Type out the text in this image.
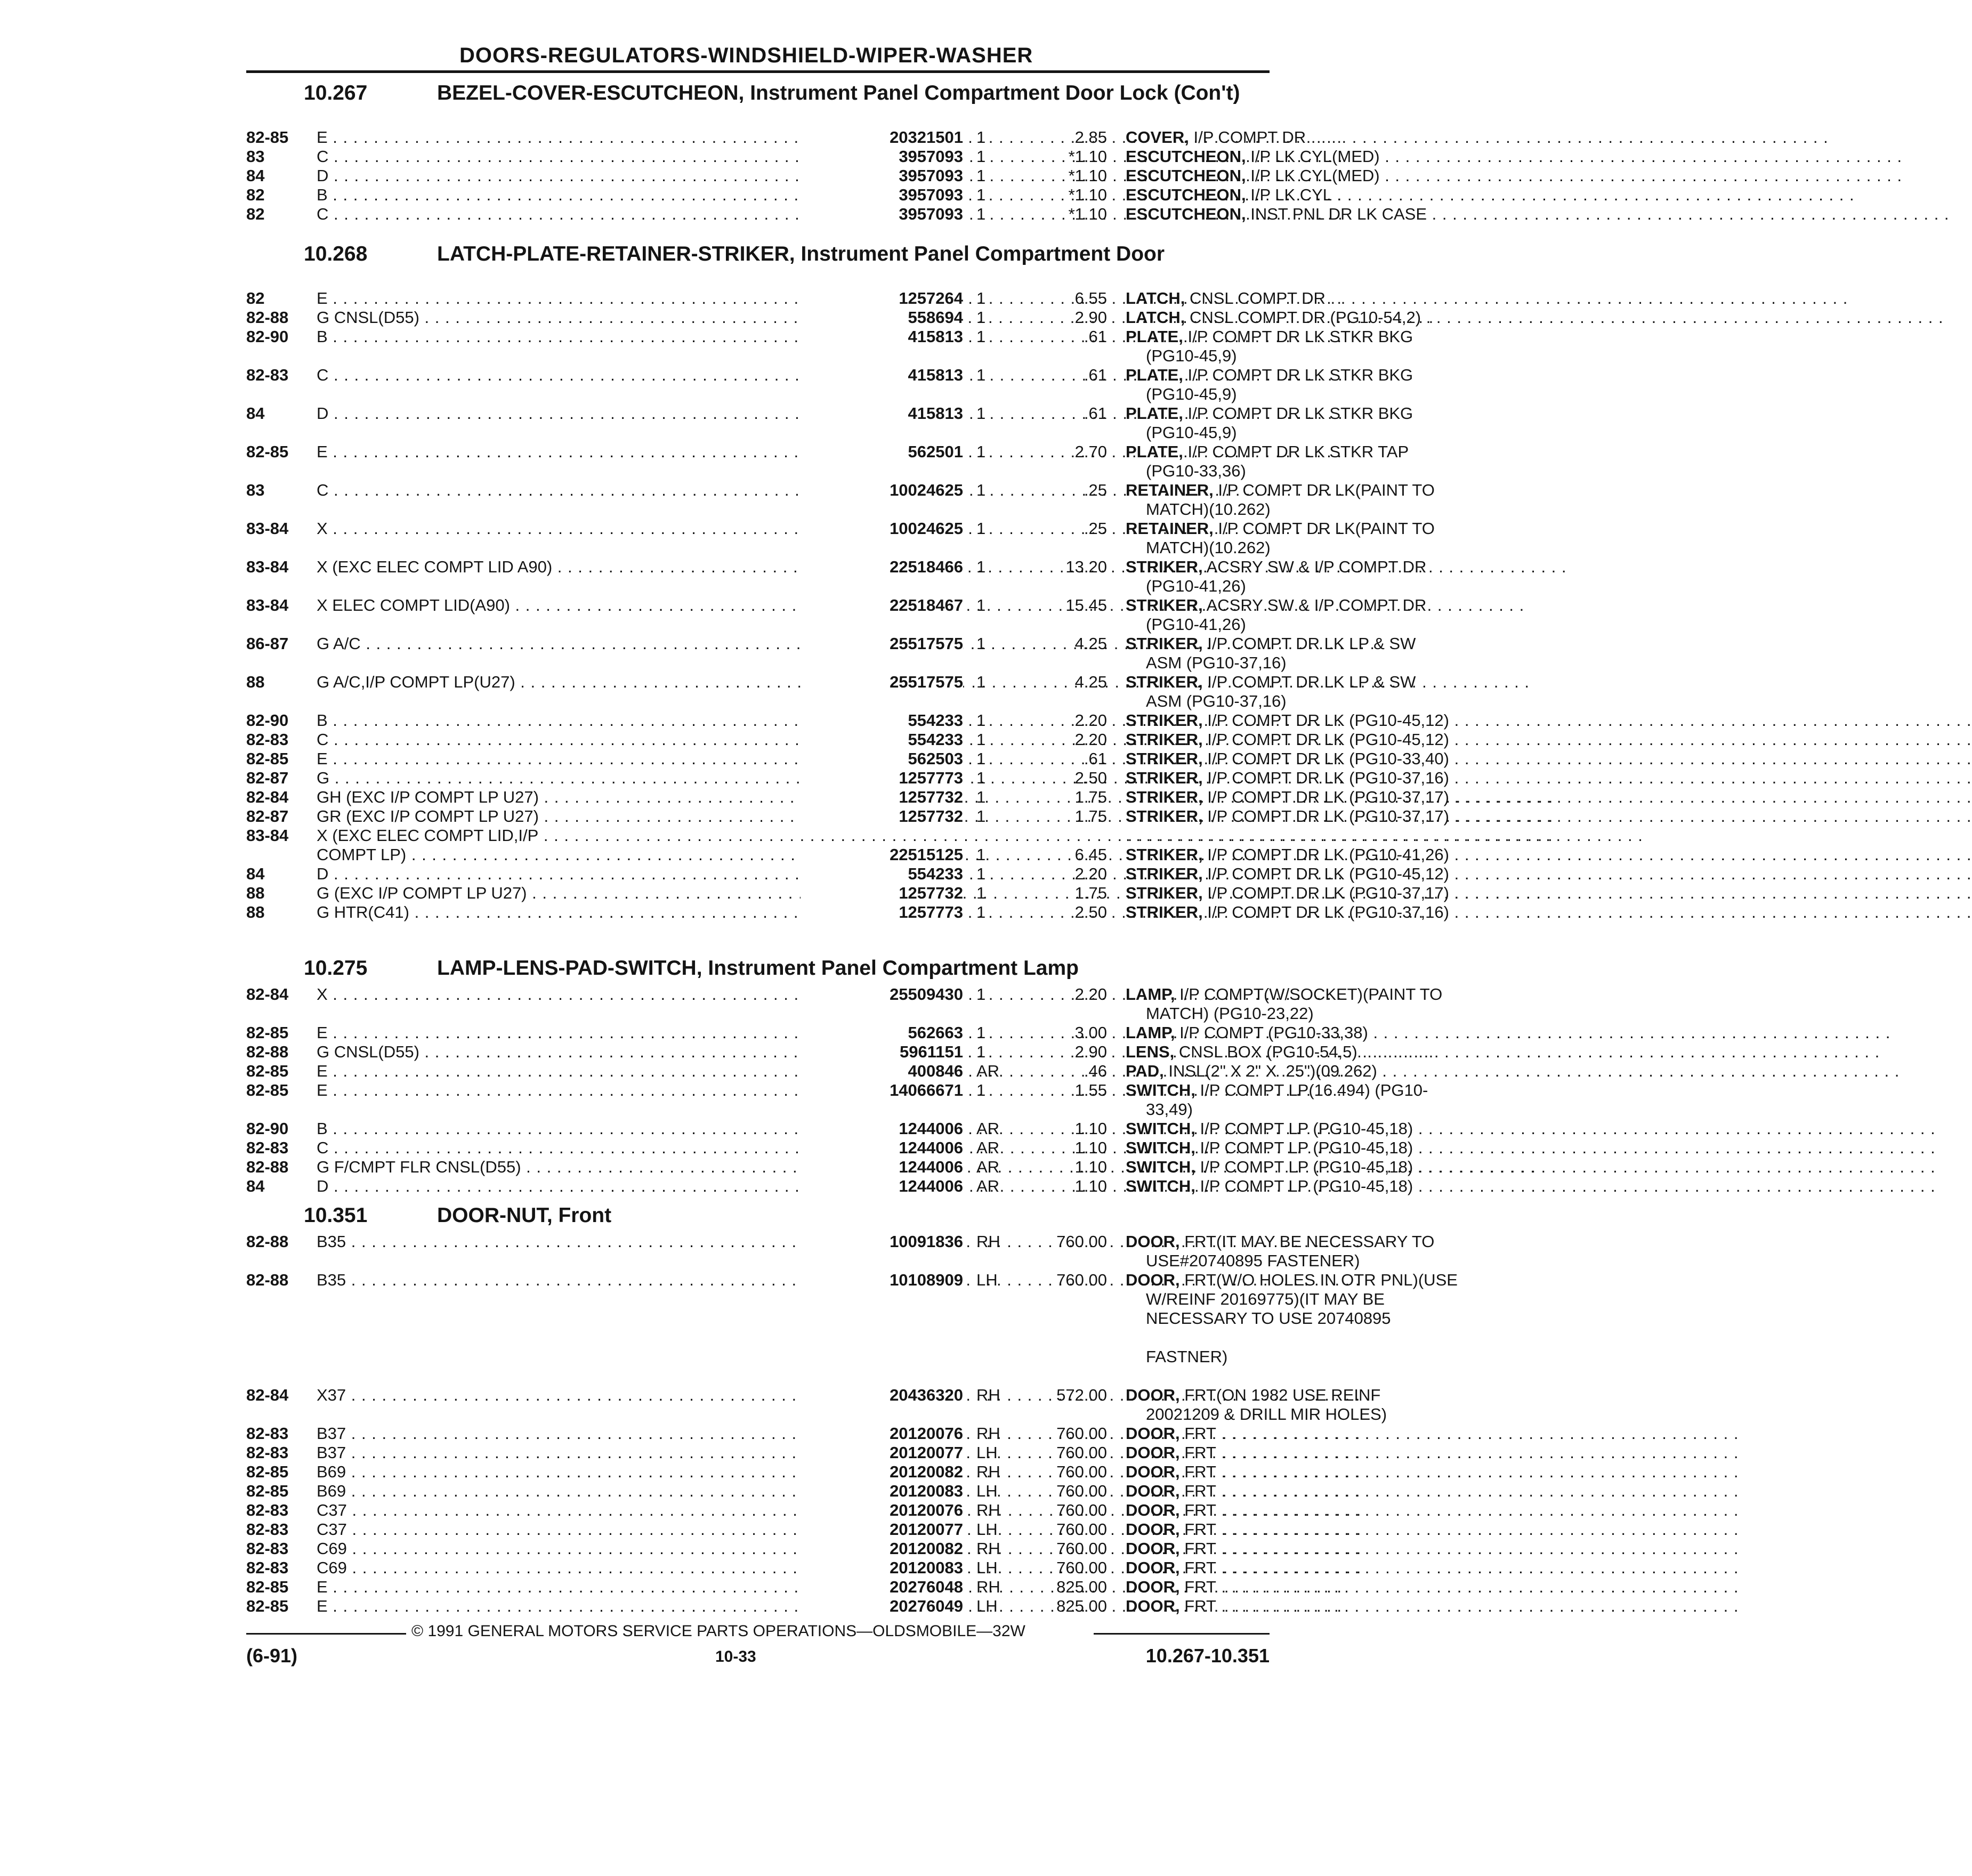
DOORS-REGULATORS-WINDSHIELD-WIPER-WASHER
10.267	BEZEL-COVER-ESCUTCHEON, Instrument Panel Compartment Door Lock (Con't)
82-85	E . . .	20321501 1	2.85 COVER, I/P COMPT DR . . .
83	C . . .	3957093 1	*1.10 ESCUTCHEON, I/P LK CYL(MED) . . .
84	D . . .	3957093 1	*1.10 ESCUTCHEON, I/P LK CYL(MED) . . .
82	B . . .	3957093 1	*1.10 ESCUTCHEON, I/P LK CYL . . .
82	C . . .	3957093 1	*1.10 ESCUTCHEON, INST PNL DR LK CASE . . .
10.268	LATCH-PLATE-RETAINER-STRIKER, Instrument Panel Compartment Door
82	E . . .	1257264 1	6.55 LATCH, CNSL COMPT DR . . .
82-88	G CNSL(D55) . . .	558694 1	2.90 LATCH, CNSL COMPT DR (PG10-54,2) . . .
82-90	B . . .	415813 1	.61 PLATE, I/P COMPT DR LK STKR BKG
(PG10-45,9)
82-83	C . . .	415813 1	.61 PLATE, I/P COMPT DR LK STKR BKG
(PG10-45,9)
84	D . . .	415813 1	.61 PLATE, I/P COMPT DR LK STKR BKG
(PG10-45,9)
82-85	E . . .	562501 1	2.70 PLATE, I/P COMPT DR LK STKR TAP
(PG10-33,36)
83	C . . .	10024625 1	.25 RETAINER, I/P COMPT DR LK(PAINT TO
MATCH)(10.262)
83-84	X . . .	10024625 1	.25 RETAINER, I/P COMPT DR LK(PAINT TO
MATCH)(10.262)
83-84	X (EXC ELEC COMPT LID A90) . . .	22518466 1	13.20 STRIKER, ACSRY SW & I/P COMPT DR
(PG10-41,26)
83-84	X ELEC COMPT LID(A90) . . .	22518467 1	15.45 STRIKER, ACSRY SW & I/P COMPT DR
(PG10-41,26)
86-87	G A/C . . .	25517575 1	4.25 STRIKER, I/P COMPT DR LK LP & SW
ASM (PG10-37,16)
88	G A/C,I/P COMPT LP(U27) . . .	25517575 1	4.25 STRIKER, I/P COMPT DR LK LP & SW
ASM (PG10-37,16)
82-90	B . . .	554233 1	2.20 STRIKER, I/P COMPT DR LK (PG10-45,12) . . .
82-83	C . . .	554233 1	2.20 STRIKER, I/P COMPT DR LK (PG10-45,12) . . .
82-85	E . . .	562503 1	.61 STRIKER, I/P COMPT DR LK (PG10-33,40) . . .
82-87	G . . .	1257773 1	2.50 STRIKER, I/P COMPT DR LK (PG10-37,16) . . .
82-84	GH (EXC I/P COMPT LP U27) . . .	1257732 1	1.75 STRIKER, I/P COMPT DR LK (PG10-37,17) . . .
82-87	GR (EXC I/P COMPT LP U27) . . .	1257732 1	1.75 STRIKER, I/P COMPT DR LK (PG10-37,17) . . .
83-84	X (EXC ELEC COMPT LID,I/P . . .
. . .
COMPT LP) . . .	22515125 1	6.45 STRIKER, I/P COMPT DR LK (PG10-41,26) . . .
84	D . . .	554233 1	2.20 STRIKER, I/P COMPT DR LK (PG10-45,12) . . .
88	G (EXC I/P COMPT LP U27) . . .	1257732 1	1.75 STRIKER, I/P COMPT DR LK (PG10-37,17) . . .
88	G HTR(C41) . . .	1257773 1	2.50 STRIKER, I/P COMPT DR LK (PG10-37,16) . . .
10.275	LAMP-LENS-PAD-SWITCH, Instrument Panel Compartment Lamp
82-84	X . . .	25509430 1	2.20 LAMP, I/P COMPT(W/SOCKET)(PAINT TO
MATCH) (PG10-23,22)
82-85	E . . .	562663 1	3.00 LAMP, I/P COMPT (PG10-33,38) . . .
82-88	G CNSL(D55) . . .	5961151 1	2.90 LENS, CNSL BOX (PG10-54,5) . . .
82-85	E . . .	400846 AR	.46 PAD, INSL(2" X 2" X .25")(09.262) . . .
82-85	E . . .	14066671 1	1.55 SWITCH, I/P COMPT LP(16.494) (PG10-
33,49)
82-90	B . . .	1244006 AR	1.10 SWITCH, I/P COMPT LP (PG10-45,18) . . .
82-83	C . . .	1244006 AR	1.10 SWITCH, I/P COMPT LP (PG10-45,18) . . .
82-88	G F/CMPT FLR CNSL(D55) . . .	1244006 AR	1.10 SWITCH, I/P COMPT LP (PG10-45,18) . . .
84	D . . .	1244006 AR	1.10 SWITCH, I/P COMPT LP (PG10-45,18) . . .
10.351	DOOR-NUT, Front
82-88	B35 . . .	10091836 RH	760.00 DOOR, FRT(IT MAY BE NECESSARY TO
USE#20740895 FASTENER)
82-88	B35 . . .	10108909 LH	760.00 DOOR, FRT(W/O HOLES IN OTR PNL)(USE
W/REINF 20169775)(IT MAY BE
NECESSARY TO USE 20740895
FASTNER)
82-84	X37 . . .	20436320 RH	572.00 DOOR, FRT(ON 1982 USE REINF
20021209 & DRILL MIR HOLES)
82-83	B37 . . .	20120076 RH	760.00 DOOR, FRT . . .
82-83	B37 . . .	20120077 LH	760.00 DOOR, FRT . . .
82-85	B69 . . .	20120082 RH	760.00 DOOR, FRT . . .
82-85	B69 . . .	20120083 LH	760.00 DOOR, FRT . . .
82-83	C37 . . .	20120076 RH	760.00 DOOR, FRT . . .
82-83	C37 . . .	20120077 LH	760.00 DOOR, FRT . . .
82-83	C69 . . .	20120082 RH	760.00 DOOR, FRT . . .
82-83	C69 . . .	20120083 LH	760.00 DOOR, FRT . . .
82-85	E . . .	20276048 RH	825.00 DOOR, FRT . . .
82-85	E . . .	20276049 LH	825.00 DOOR, FRT . . .
© 1991 GENERAL MOTORS SERVICE PARTS OPERATIONS—OLDSMOBILE—32W
(6-91)	10-33	10.267-10.351
